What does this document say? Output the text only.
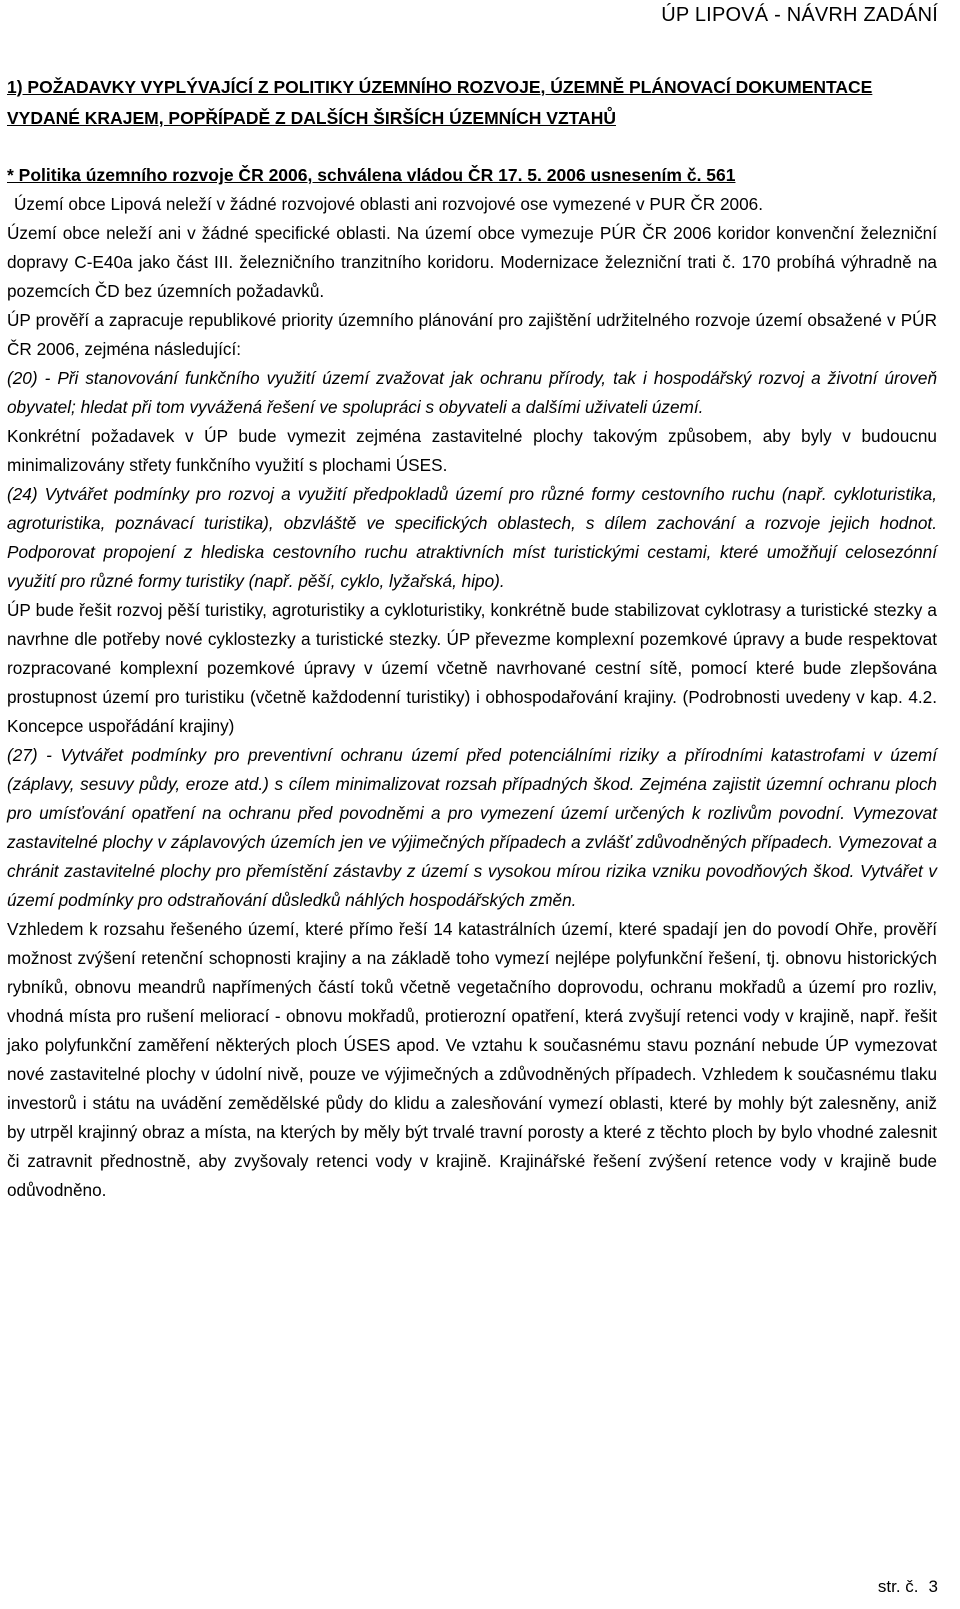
ÚP LIPOVÁ - NÁVRH ZADÁNÍ
1) POŽADAVKY VYPLÝVAJÍCÍ Z POLITIKY ÚZEMNÍHO ROZVOJE, ÚZEMNĚ PLÁNOVACÍ DOKUMENTACE VYDANÉ KRAJEM, POPŘÍPADĚ Z DALŠÍCH ŠIRŠÍCH ÚZEMNÍCH VZTAHŮ
* Politika územního rozvoje ČR 2006, schválena vládou ČR 17. 5. 2006 usnesením č. 561

Území obce Lipová neleží v žádné rozvojové oblasti ani rozvojové ose vymezené v PUR ČR 2006.

Území obce neleží ani v žádné specifické oblasti. Na území obce vymezuje PÚR ČR 2006 koridor konvenční železniční dopravy C-E40a jako část III. železničního tranzitního koridoru. Modernizace železniční trati č. 170 probíhá výhradně na pozemcích ČD bez územních požadavků.

ÚP prověří a zapracuje republikové priority územního plánování pro zajištění udržitelného rozvoje území obsažené v PÚR ČR 2006, zejména následující:

(20) - Při stanovování funkčního využití území zvažovat jak ochranu přírody, tak i hospodářský rozvoj a životní úroveň obyvatel; hledat při tom vyvážená řešení ve spolupráci s obyvateli a dalšími uživateli území.

Konkrétní požadavek v ÚP bude vymezit zejména zastavitelné plochy takovým způsobem, aby byly v budoucnu minimalizovány střety funkčního využití s plochami ÚSES.

(24) Vytvářet podmínky pro rozvoj a využití předpokladů území pro různé formy cestovního ruchu (např. cykloturistika, agroturistika, poznávací turistika), obzvláště ve specifických oblastech, s dílem zachování a rozvoje jejich hodnot. Podporovat propojení z hlediska cestovního ruchu atraktivních míst turistickými cestami, které umožňují celosezónní využití pro různé formy turistiky (např. pěší, cyklo, lyžařská, hipo).

ÚP bude řešit rozvoj pěší turistiky, agroturistiky a cykloturistiky, konkrétně bude stabilizovat cyklotrasy a turistické stezky a navrhne dle potřeby nové cyklostezky a turistické stezky. ÚP převezme komplexní pozemkové úpravy a bude respektovat rozpracované komplexní pozemkové úpravy v území včetně navrhované cestní sítě, pomocí které bude zlepšována prostupnost území pro turistiku (včetně každodenní turistiky) i obhospodařování krajiny. (Podrobnosti uvedeny v kap. 4.2. Koncepce uspořádání krajiny)

(27) - Vytvářet podmínky pro preventivní ochranu území před potenciálními riziky a přírodními katastrofami v území (záplavy, sesuvy půdy, eroze atd.) s cílem minimalizovat rozsah případných škod. Zejména zajistit územní ochranu ploch pro umísťování opatření na ochranu před povodněmi a pro vymezení území určených k rozlivům povodní. Vymezovat zastavitelné plochy v záplavových územích jen ve výjimečných případech a zvlášť zdůvodněných případech. Vymezovat a chránit zastavitelné plochy pro přemístění zástavby z území s vysokou mírou rizika vzniku povodňových škod. Vytvářet v území podmínky pro odstraňování důsledků náhlých hospodářských změn.

Vzhledem k rozsahu řešeného území, které přímo řeší 14 katastrálních území, které spadají jen do povodí Ohře, prověří možnost zvýšení retenční schopnosti krajiny a na základě toho vymezí nejlépe polyfunkční řešení, tj. obnovu historických rybníků, obnovu meandrů napřímených částí toků včetně vegetačního doprovodu, ochranu mokřadů a území pro rozliv, vhodná místa pro rušení meliorací - obnovu mokřadů, protierozní opatření, která zvyšují retenci vody v krajině, např. řešit jako polyfunkční zaměření některých ploch ÚSES apod. Ve vztahu k současnému stavu poznání nebude ÚP vymezovat nové zastavitelné plochy v údolní nivě, pouze ve výjimečných a zdůvodněných případech. Vzhledem k současnému tlaku investorů i státu na uvádění zemědělské půdy do klidu a zalesňování vymezí oblasti, které by mohly být zalesněny, aniž by utrpěl krajinný obraz a místa, na kterých by měly být trvalé travní porosty a které z těchto ploch by bylo vhodné zalesnit či zatravnit přednostně, aby zvyšovaly retenci vody v krajině. Krajinářské řešení zvýšení retence vody v krajině bude odůvodněno.

str. č. 3
